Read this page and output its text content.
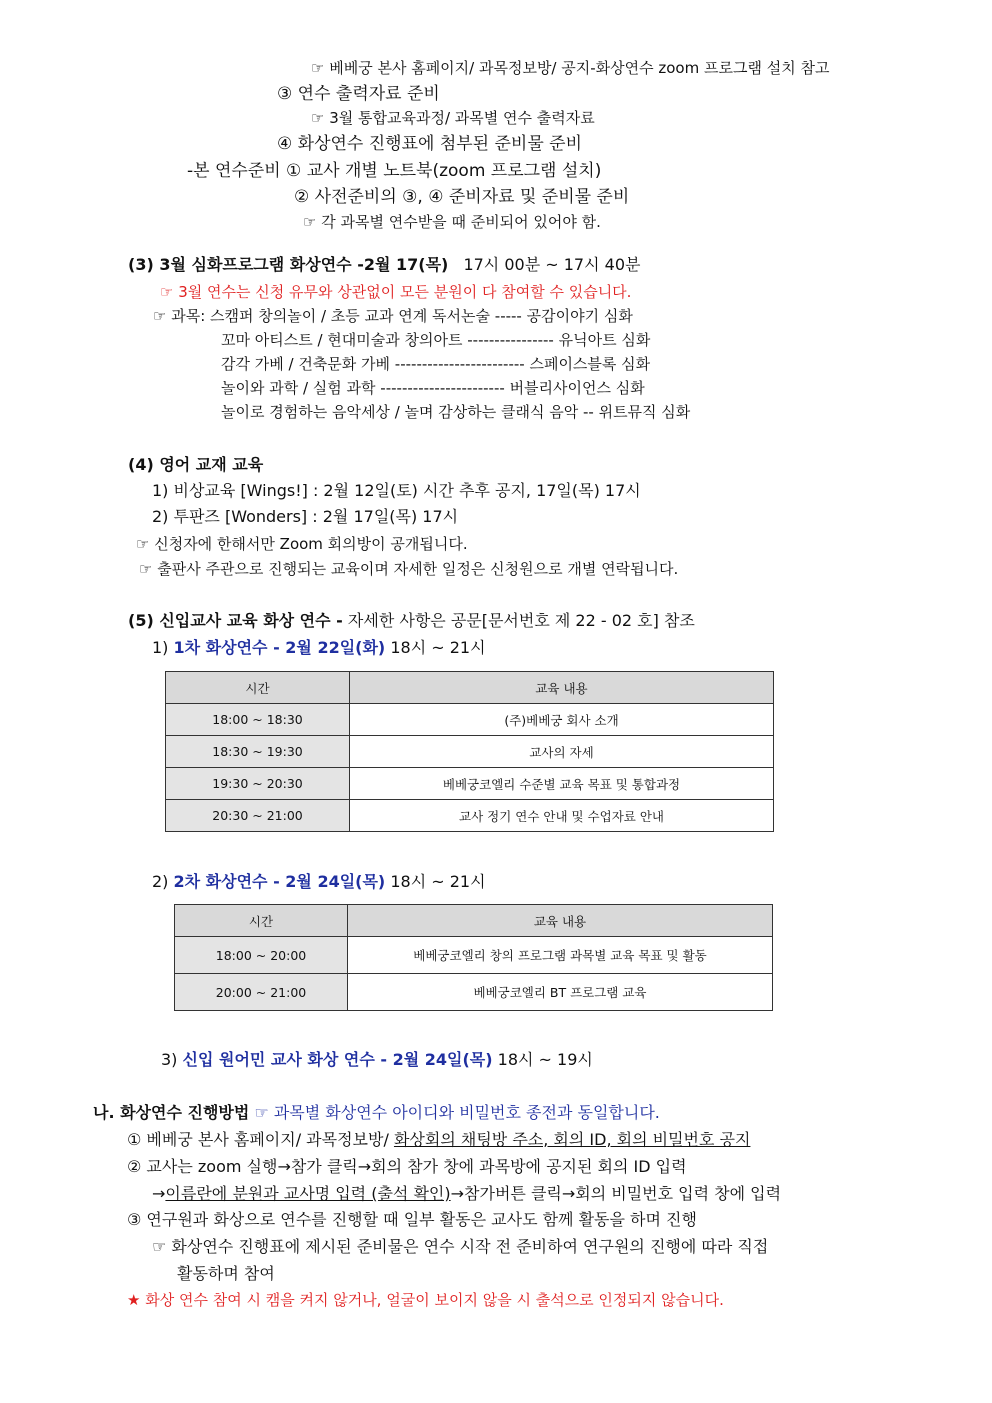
☞ 베베궁 본사 홈페이지/ 과목정보방/ 공지-화상연수 zoom 프로그램 설치 참고
③ 연수 출력자료 준비
☞ 3월 통합교육과정/ 과목별 연수 출력자료
④ 화상연수 진행표에 첨부된 준비물 준비
-본 연수준비 ① 교사 개별 노트북(zoom 프로그램 설치)
② 사전준비의 ③, ④ 준비자료 및 준비물 준비
☞ 각 과목별 연수받을 때 준비되어 있어야 함.
(3) 3월 심화프로그램 화상연수 -2월 17(목) 17시 00분 ~ 17시 40분
☞ 3월 연수는 신청 유무와 상관없이 모든 분원이 다 참여할 수 있습니다.
☞ 과목: 스캠퍼 창의놀이 / 초등 교과 연계 독서논술 ----- 공감이야기 심화
꼬마 아티스트 / 현대미술과 창의아트 ---------------- 유닉아트 심화
감각 가베 / 건축문화 가베 ------------------------ 스페이스블록 심화
놀이와 과학 / 실험 과학 ----------------------- 버블리사이언스 심화
놀이로 경험하는 음악세상 / 놀며 감상하는 클래식 음악 -- 위트뮤직 심화
(4) 영어 교재 교육
1) 비상교육 [Wings!] : 2월 12일(토) 시간 추후 공지, 17일(목) 17시
2) 투판즈 [Wonders] : 2월 17일(목) 17시
☞ 신청자에 한해서만 Zoom 회의방이 공개됩니다.
☞ 출판사 주관으로 진행되는 교육이며 자세한 일정은 신청원으로 개별 연락됩니다.
(5) 신입교사 교육 화상 연수 - 자세한 사항은 공문[문서번호 제 22 - 02 호] 참조
1) 1차 화상연수 - 2월 22일(화) 18시 ~ 21시
시간	교육 내용
18:00 ~ 18:30	(주)베베궁 회사 소개
18:30 ~ 19:30	교사의 자세
19:30 ~ 20:30	베베궁코엘리 수준별 교육 목표 및 통합과정
20:30 ~ 21:00	교사 정기 연수 안내 및 수업자료 안내
2) 2차 화상연수 - 2월 24일(목) 18시 ~ 21시
시간	교육 내용
18:00 ~ 20:00	베베궁코엘리 창의 프로그램 과목별 교육 목표 및 활동
20:00 ~ 21:00	베베궁코엘리 BT 프로그램 교육
3) 신입 원어민 교사 화상 연수 - 2월 24일(목) 18시 ~ 19시
나. 화상연수 진행방법 ☞ 과목별 화상연수 아이디와 비밀번호 종전과 동일합니다.
① 베베궁 본사 홈페이지/ 과목정보방/ 화상회의 채팅방 주소, 회의 ID, 회의 비밀번호 공지
② 교사는 zoom 실행→참가 클릭→회의 참가 창에 과목방에 공지된 회의 ID 입력
→이름란에 분원과 교사명 입력 (출석 확인)→참가버튼 클릭→회의 비밀번호 입력 창에 입력
③ 연구원과 화상으로 연수를 진행할 때 일부 활동은 교사도 함께 활동을 하며 진행
☞ 화상연수 진행표에 제시된 준비물은 연수 시작 전 준비하여 연구원의 진행에 따라 직접
활동하며 참여
★ 화상 연수 참여 시 캠을 켜지 않거나, 얼굴이 보이지 않을 시 출석으로 인정되지 않습니다.
